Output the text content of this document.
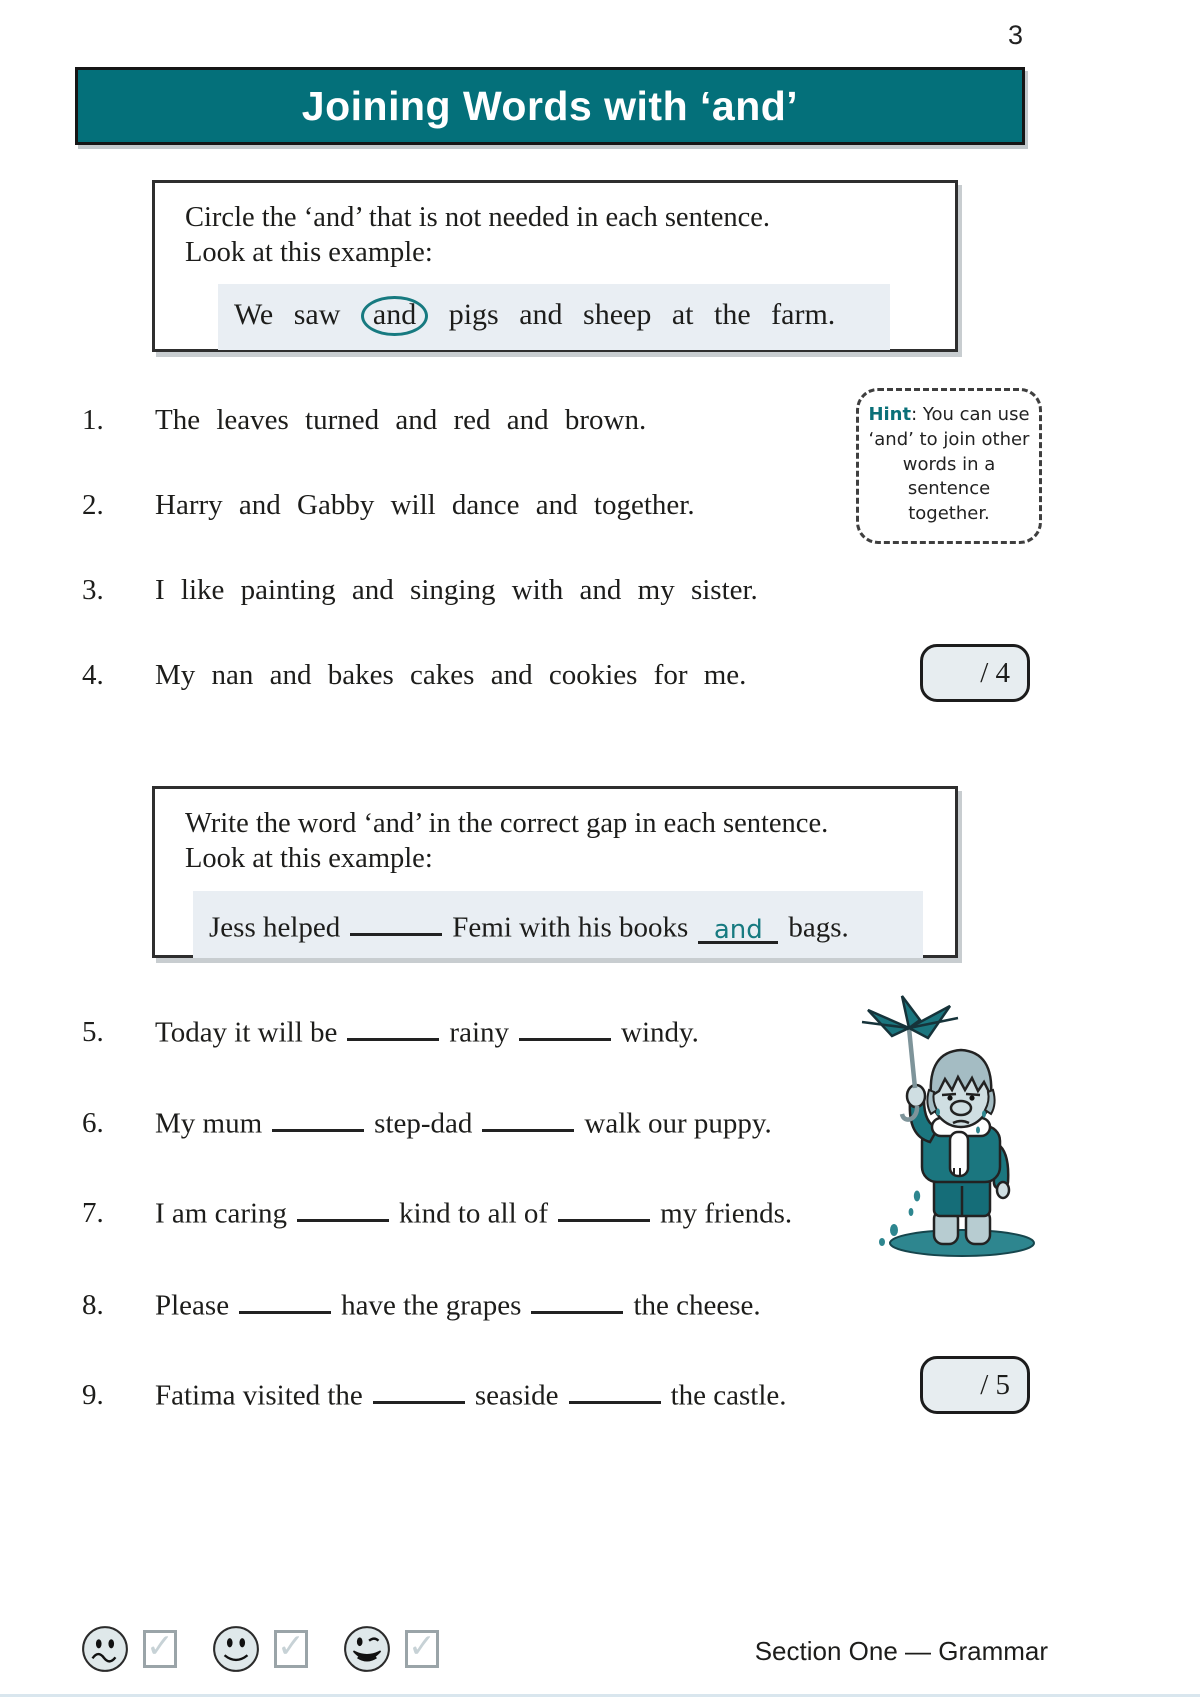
3
Joining Words with ‘and’
Circle the ‘and’ that is not needed in each sentence.
Look at this example:
We saw and pigs and sheep at the farm.
1. The leaves turned and red and brown.
2. Harry and Gabby will dance and together.
3. I like painting and singing with and my sister.
4. My nan and bakes cakes and cookies for me.
Hint: You can use ‘and’ to join other words in a sentence together.
/ 4
Write the word ‘and’ in the correct gap in each sentence.
Look at this example:
Jess helped	Femi with his books and bags.
5. Today it will be	rainy	windy.
6. My mum	step-dad	walk our puppy.
7. I am caring	kind to all of	my friends.
8. Please	have the grapes	the cheese.
9. Fatima visited the	seaside	the castle.	/ 5
✓	✓	✓	Section One — Grammar
